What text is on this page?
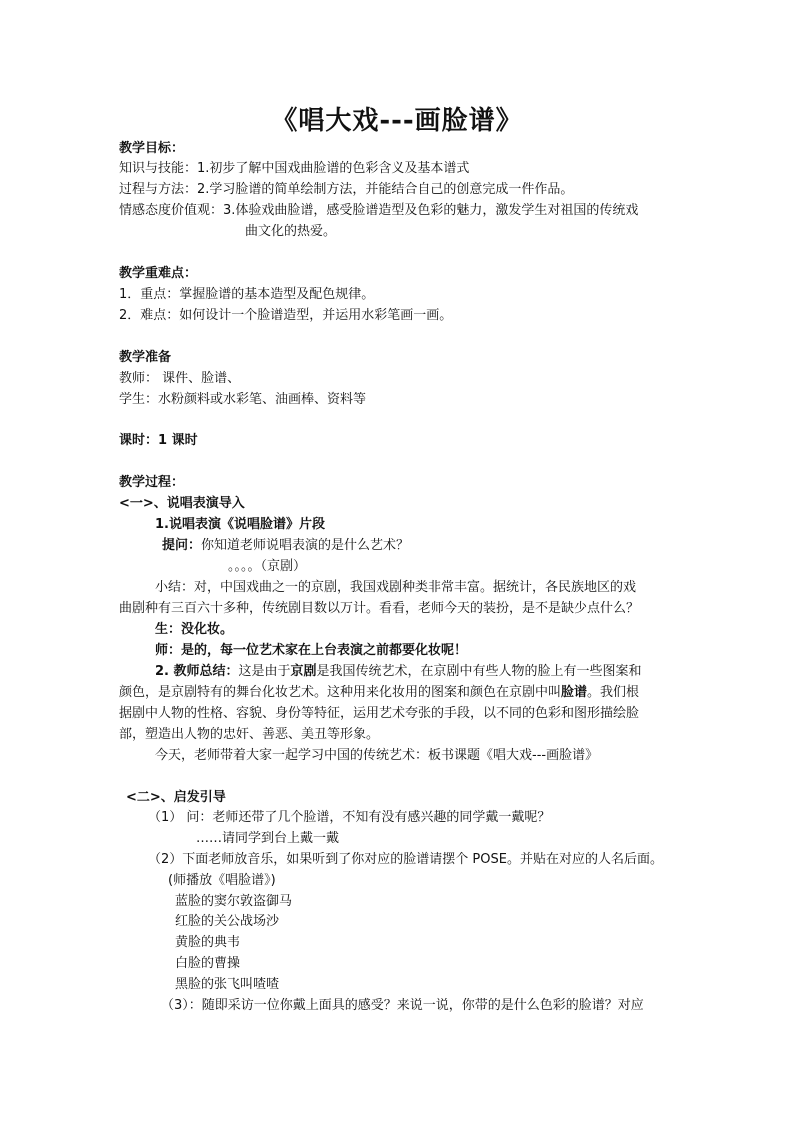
《唱大戏---画脸谱》
教学目标：
知识与技能：1.初步了解中国戏曲脸谱的色彩含义及基本谱式
过程与方法：2.学习脸谱的简单绘制方法，并能结合自己的创意完成一件作品。
情感态度价值观：3.体验戏曲脸谱，感受脸谱造型及色彩的魅力，激发学生对祖国的传统戏
曲文化的热爱。
教学重难点：
1．重点：掌握脸谱的基本造型及配色规律。
2．难点：如何设计一个脸谱造型，并运用水彩笔画一画。
教学准备
教师： 课件、脸谱、
学生：水粉颜料或水彩笔、油画棒、资料等
课时：1 课时
教学过程：
<一>、说唱表演导入
1.说唱表演《说唱脸谱》片段
提问：你知道老师说唱表演的是什么艺术？
。。。。（京剧）
小结：对，中国戏曲之一的京剧，我国戏剧种类非常丰富。据统计，各民族地区的戏
曲剧种有三百六十多种，传统剧目数以万计。看看，老师今天的装扮，是不是缺少点什么？
生：没化妆。
师：是的，每一位艺术家在上台表演之前都要化妆呢！
2. 教师总结：这是由于京剧是我国传统艺术，在京剧中有些人物的脸上有一些图案和
颜色，是京剧特有的舞台化妆艺术。这种用来化妆用的图案和颜色在京剧中叫脸谱。我们根
据剧中人物的性格、容貌、身份等特征，运用艺术夸张的手段，以不同的色彩和图形描绘脸
部，塑造出人物的忠奸、善恶、美丑等形象。
今天，老师带着大家一起学习中国的传统艺术：板书课题《唱大戏---画脸谱》
<二>、启发引导
（1） 问：老师还带了几个脸谱，不知有没有感兴趣的同学戴一戴呢？
……请同学到台上戴一戴
（2）下面老师放音乐，如果听到了你对应的脸谱请摆个 POSE。并贴在对应的人名后面。
(师播放《唱脸谱》)
蓝脸的窦尔敦盗御马
红脸的关公战场沙
黄脸的典韦
白脸的曹操
黑脸的张飞叫喳喳
（3）：随即采访一位你戴上面具的感受？来说一说，你带的是什么色彩的脸谱？对应
